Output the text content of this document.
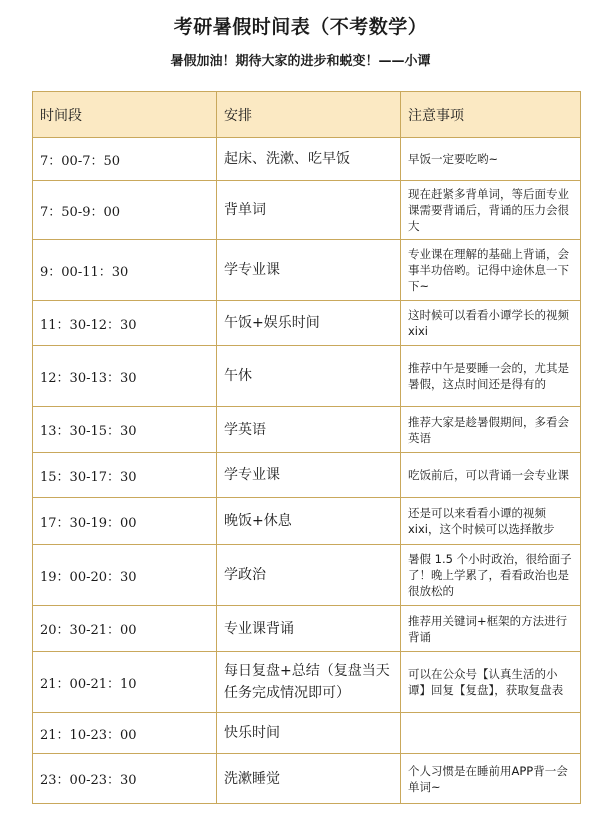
考研暑假时间表（不考数学）
暑假加油！期待大家的进步和蜕变！——小谭
时间段	安排	注意事项
7：00-7：50	起床、洗漱、吃早饭	早饭一定要吃哟~
7：50-9：00	背单词	现在赶紧多背单词，等后面专业课需要背诵后，背诵的压力会很大
9：00-11：30	学专业课	专业课在理解的基础上背诵，会事半功倍哟。记得中途休息一下下~
11：30-12：30	午饭+娱乐时间	这时候可以看看小谭学长的视频 xixi
12：30-13：30	午休	推荐中午是要睡一会的，尤其是暑假，这点时间还是得有的
13：30-15：30	学英语	推荐大家是趁暑假期间，多看会英语
15：30-17：30	学专业课	吃饭前后，可以背诵一会专业课
17：30-19：00	晚饭+休息	还是可以来看看小谭的视频xixi，这个时候可以选择散步
19：00-20：30	学政治	暑假 1.5 个小时政治，很给面子了！晚上学累了，看看政治也是很放松的
20：30-21：00	专业课背诵	推荐用关键词+框架的方法进行背诵
21：00-21：10	每日复盘+总结（复盘当天任务完成情况即可）	可以在公众号【认真生活的小谭】回复【复盘】，获取复盘表
21：10-23：00	快乐时间	
23：00-23：30	洗漱睡觉	个人习惯是在睡前用APP背一会单词~
